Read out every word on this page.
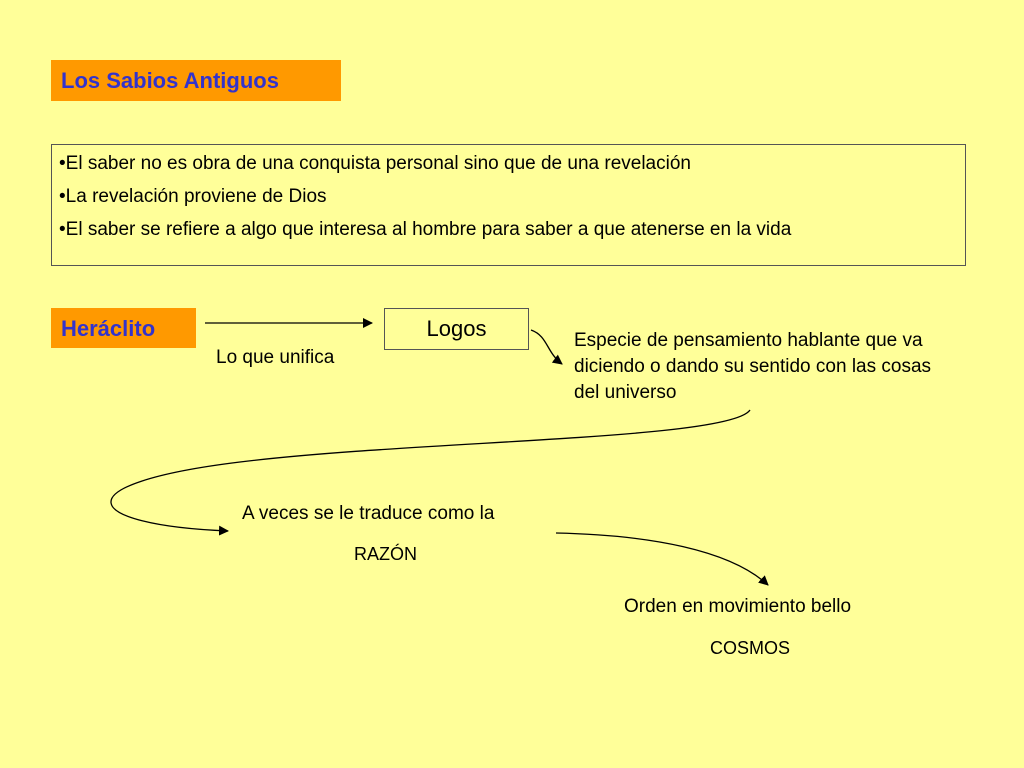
Los Sabios Antiguos
•El saber no es obra de una conquista personal sino que de una revelación
•La revelación proviene de Dios
•El saber se refiere a algo que interesa al hombre para saber a que atenerse en la vida
Heráclito	Logos
Lo que unifica
Especie de pensamiento hablante que va diciendo o dando su sentido con las cosas del universo
A veces se le traduce como la
RAZÓN
Orden en movimiento bello
COSMOS
